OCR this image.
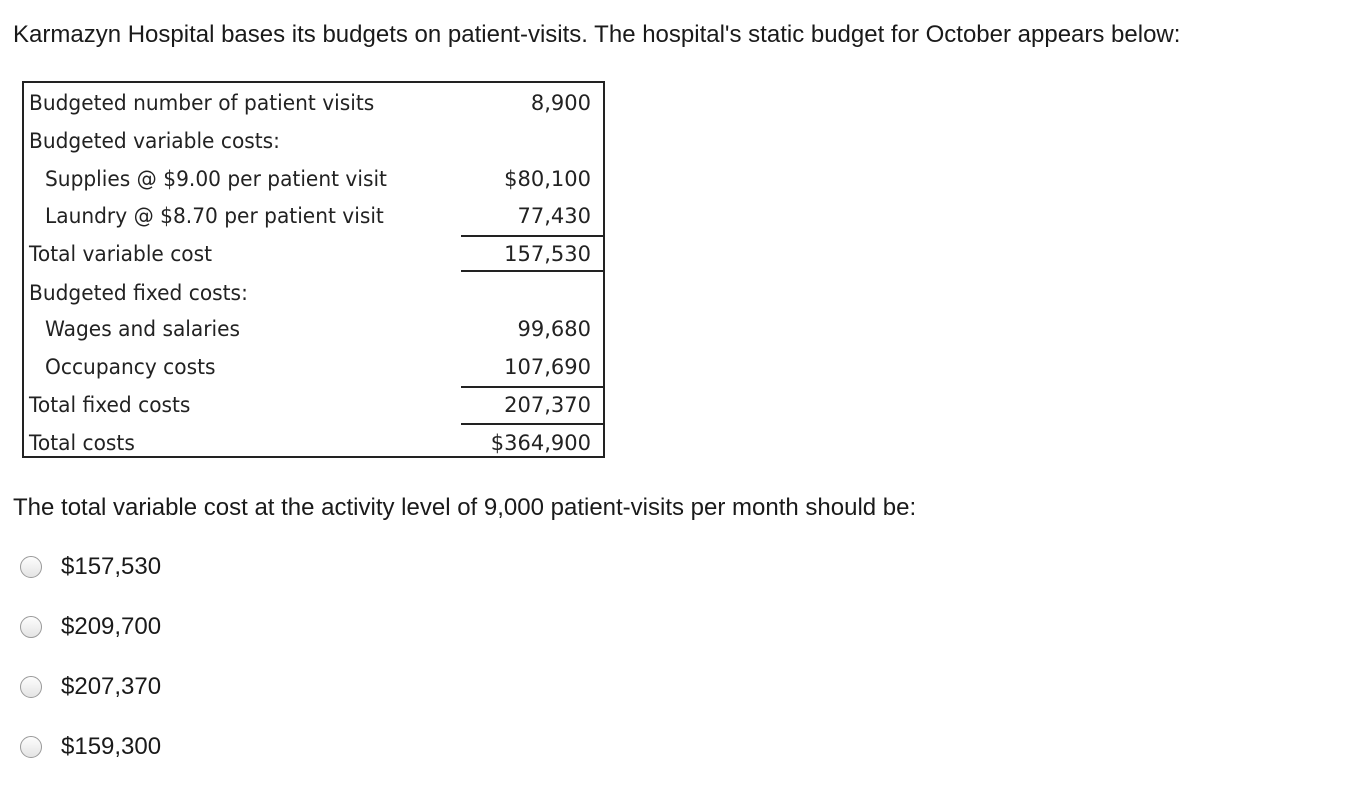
Karmazyn Hospital bases its budgets on patient-visits. The hospital's static budget for October appears below:

Budgeted number of patient visits	8,900
Budgeted variable costs:
Supplies @ $9.00 per patient visit	$80,100
Laundry @ $8.70 per patient visit	77,430
Total variable cost	157,530
Budgeted fixed costs:
Wages and salaries	99,680
Occupancy costs	107,690
Total fixed costs	207,370
Total costs	$364,900

The total variable cost at the activity level of 9,000 patient-visits per month should be:

$157,530
$209,700
$207,370
$159,300
